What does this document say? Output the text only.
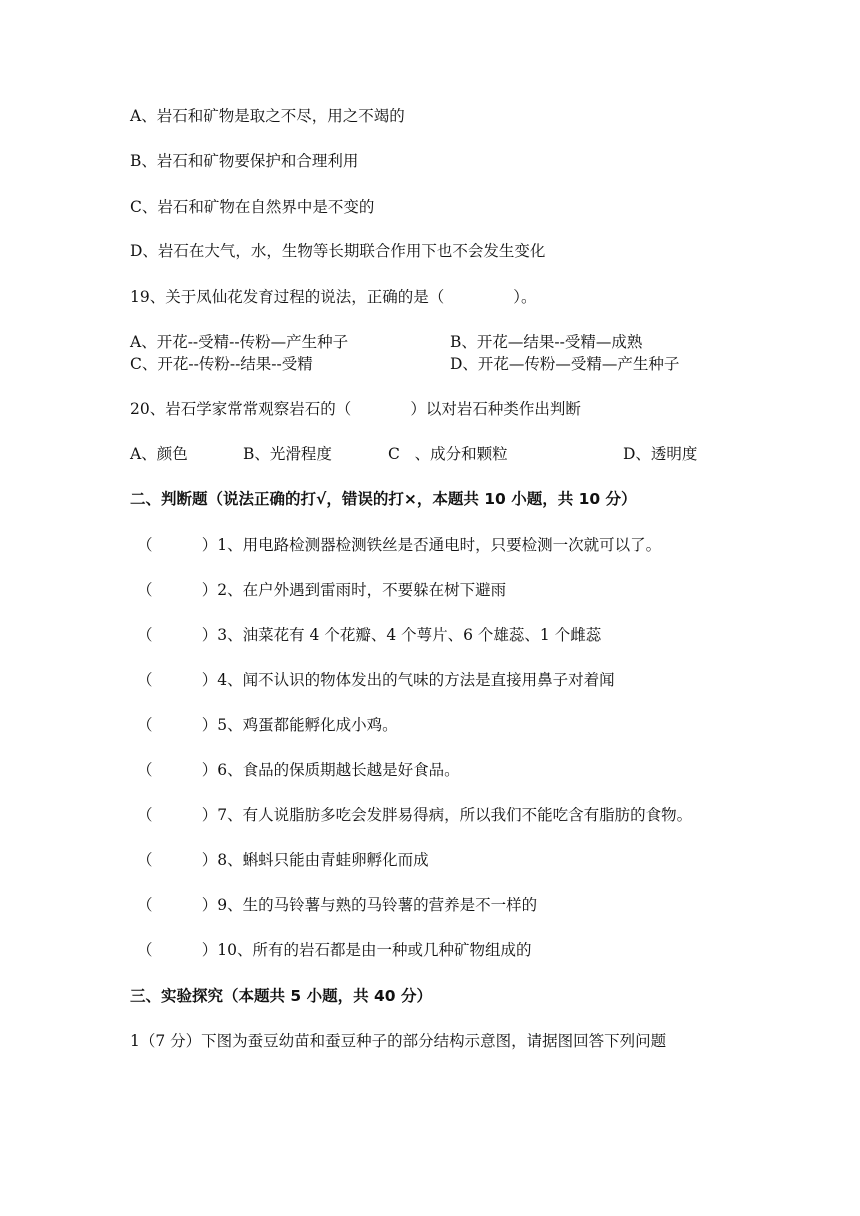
A、岩石和矿物是取之不尽，用之不竭的
B、岩石和矿物要保护和合理利用
C、岩石和矿物在自然界中是不变的
D、岩石在大气，水，生物等长期联合作用下也不会发生变化
19、关于凤仙花发育过程的说法，正确的是（              ）。
A、开花--受精--传粉—产生种子	B、开花—结果--受精—成熟
C、开花--传粉--结果--受精	D、开花—传粉—受精—产生种子
20、岩石学家常常观察岩石的（            ）以对岩石种类作出判断
A、颜色	B、光滑程度	C   、成分和颗粒	D、透明度
二、判断题（说法正确的打√，错误的打×，本题共 10 小题，共 10 分）
（          ）1、用电路检测器检测铁丝是否通电时，只要检测一次就可以了。
（          ）2、在户外遇到雷雨时，不要躲在树下避雨
（          ）3、油菜花有 4 个花瓣、4 个萼片、6 个雄蕊、1 个雌蕊
（          ）4、闻不认识的物体发出的气味的方法是直接用鼻子对着闻
（          ）5、鸡蛋都能孵化成小鸡。
（          ）6、食品的保质期越长越是好食品。
（          ）7、有人说脂肪多吃会发胖易得病，所以我们不能吃含有脂肪的食物。
（          ）8、蝌蚪只能由青蛙卵孵化而成
（          ）9、生的马铃薯与熟的马铃薯的营养是不一样的
（          ）10、所有的岩石都是由一种或几种矿物组成的
三、实验探究（本题共 5 小题，共 40 分）
1（7 分）下图为蚕豆幼苗和蚕豆种子的部分结构示意图，请据图回答下列问题
